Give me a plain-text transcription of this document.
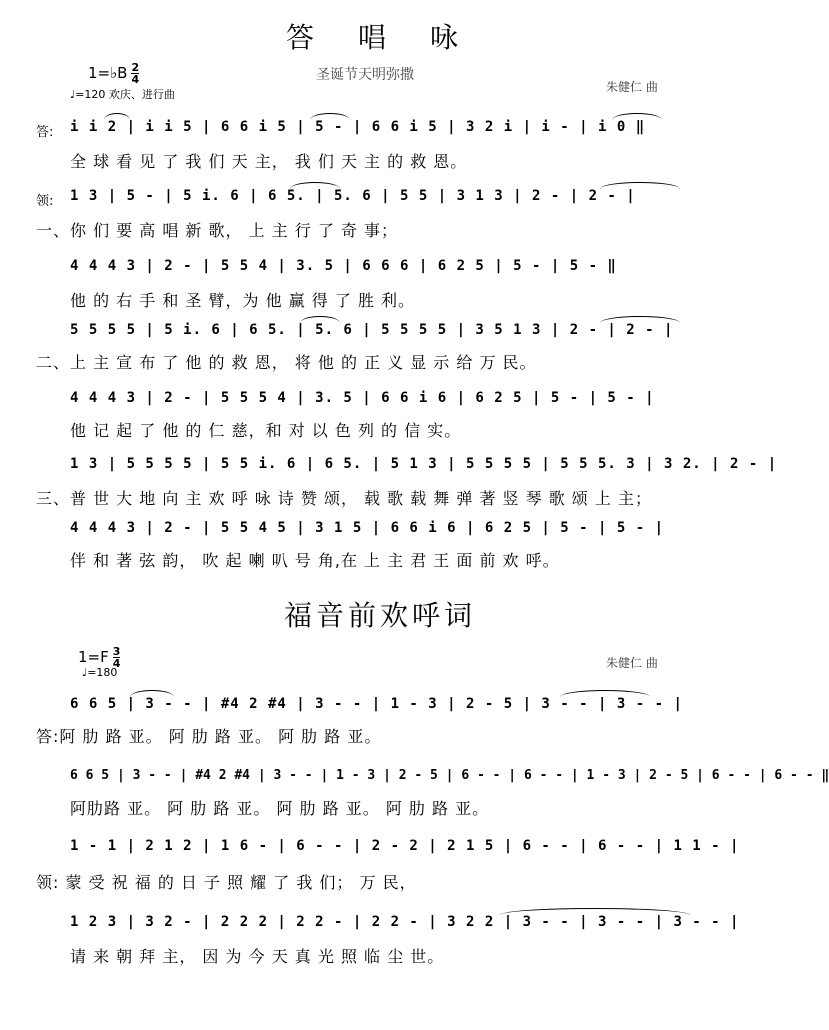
答唱咏
1=♭B $\frac{2}{4}$	圣诞节天明弥撒
♩=120 欢庆、进行曲
朱健仁 曲
答: i i 2 | i i 5 | 6 6 i 5 | 5 - | 6 6 i 5 | 3 2 i | i - | i 0 ‖
全 球 看 见 了 我 们 天 主， 我 们 天 主 的 救 恩。
领: 1 3 | 5 - | 5 i. 6 | 6 5. | 5. 6 | 5 5 | 3 1 3 | 2 - | 2 - |
一、你 们 要 高 唱 新 歌， 上 主 行 了 奇 事；
4 4 4 3 | 2 - | 5 5 4 | 3. 5 | 6 6 6 | 6 2 5 | 5 - | 5 - ‖
他 的 右 手 和 圣 臂，为 他 赢 得 了 胜 利。
5 5 5 5 | 5 i. 6 | 6 5. | 5. 6 | 5 5 5 5 | 3 5 1 3 | 2 - | 2 - |
二、上 主 宣 布 了 他 的 救 恩， 将 他 的 正 义 显 示 给 万 民。
4 4 4 3 | 2 - | 5 5 5 4 | 3. 5 | 6 6 i 6 | 6 2 5 | 5 - | 5 - |
他 记 起 了 他 的 仁 慈，和 对 以 色 列 的 信 实。
1 3 | 5 5 5 5 | 5 5 i. 6 | 6 5. | 5 1 3 | 5 5 5 5 | 5 5 5. 3 | 3 2. | 2 - |
三、普 世 大 地 向 主 欢 呼 咏 诗 赞 颂， 载 歌 载 舞 弹 著 竖 琴 歌 颂 上 主；
4 4 4 3 | 2 - | 5 5 4 5 | 3 1 5 | 6 6 i 6 | 6 2 5 | 5 - | 5 - |
伴 和 著 弦 韵， 吹 起 喇 叭 号 角,在 上 主 君 王 面 前 欢 呼。
福音前欢呼词
$1=F \frac{3}{4}$
♩=180
朱健仁 曲
6 6 5 | 3 - - | #4 2 #4 | 3 - - | 1 - 3 | 2 - 5 | 3 - - | 3 - - |
答:阿 肋 路 亚。 阿 肋 路 亚。 阿 肋 路 亚。
6 6 5 | 3 - - | #4 2 #4 | 3 - - | 1 - 3 | 2 - 5 | 6 - - | 6 - - | 1 - 3 | 2 - 5 | 6 - - | 6 - - ‖
阿肋路 亚。 阿 肋 路 亚。 阿 肋 路 亚。 阿 肋 路 亚。
1 - 1 | 2 1 2 | 1 6 - | 6 - - | 2 - 2 | 2 1 5 | 6 - - | 6 - - | 1 1 - |
领: 蒙 受 祝 福 的 日 子 照 耀 了 我 们； 万 民，
1 2 3 | 3 2 - | 2 2 2 | 2 2 - | 2 2 - | 3 2 2 | 3 - - | 3 - - | 3 - - |
请 来 朝 拜 主， 因 为 今 天 真 光 照 临 尘 世。
